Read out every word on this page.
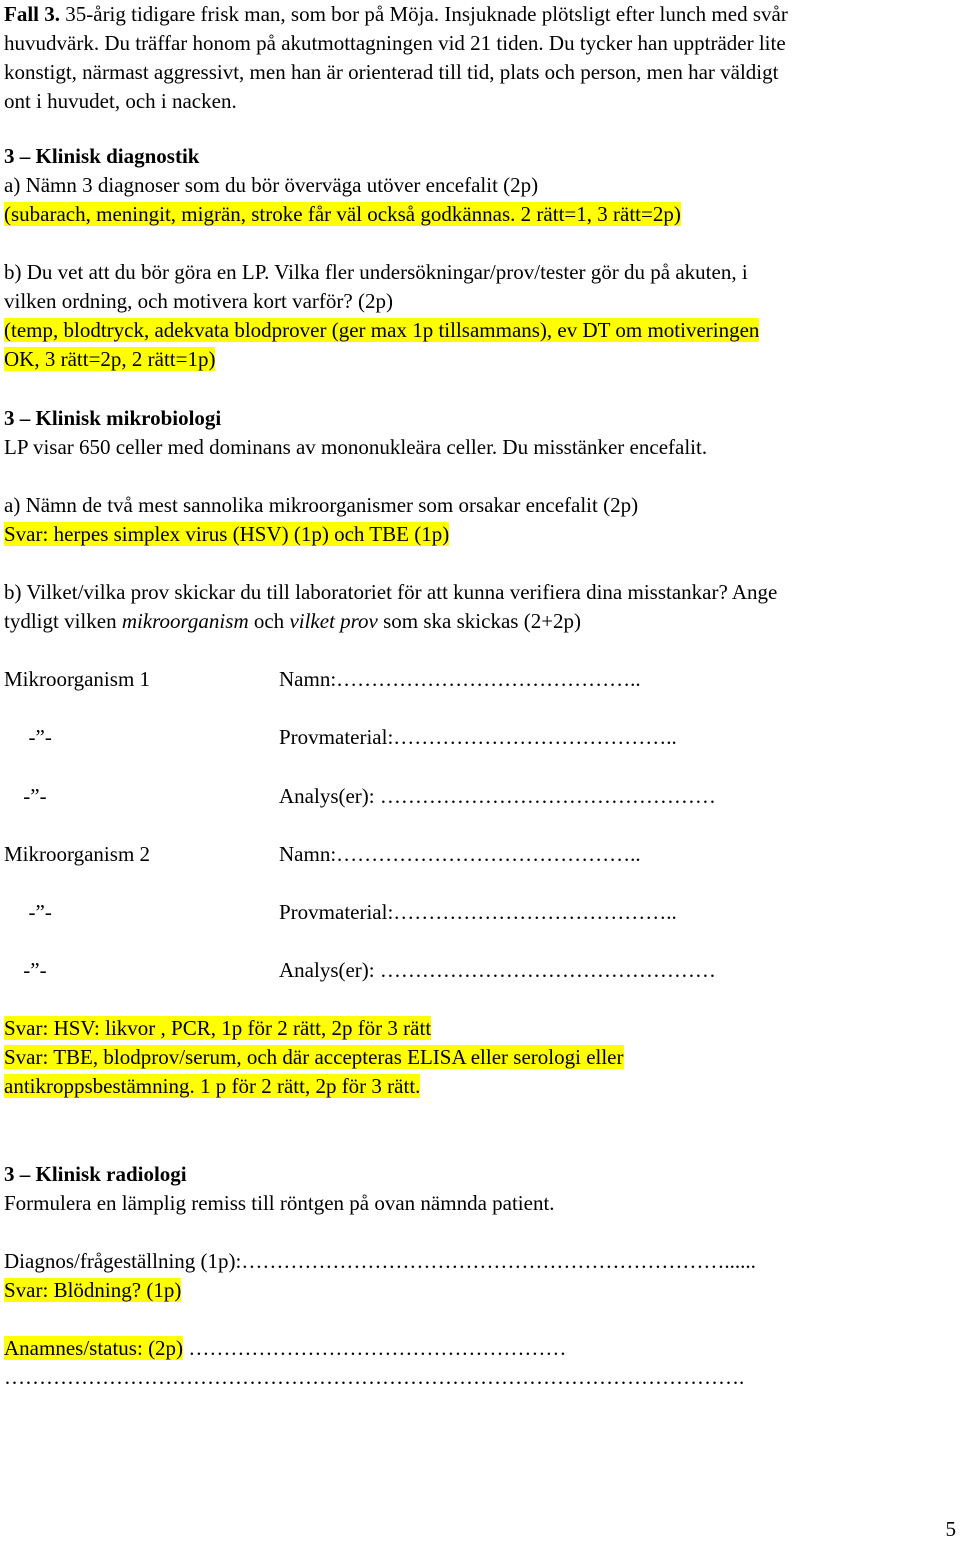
Fall 3. 35-årig tidigare frisk man, som bor på Möja. Insjuknade plötsligt efter lunch med svår
huvudvärk. Du träffar honom på akutmottagningen vid 21 tiden. Du tycker han uppträder lite
konstigt, närmast aggressivt, men han är orienterad till tid, plats och person, men har väldigt
ont i huvudet, och i nacken.
3 – Klinisk diagnostik
a) Nämn 3 diagnoser som du bör överväga utöver encefalit (2p)
(subarach, meningit, migrän, stroke får väl också godkännas. 2 rätt=1, 3 rätt=2p)
b) Du vet att du bör göra en LP. Vilka fler undersökningar/prov/tester gör du på akuten, i
vilken ordning, och motivera kort varför? (2p)
(temp, blodtryck, adekvata blodprover (ger max 1p tillsammans), ev DT om motiveringen
OK, 3 rätt=2p, 2 rätt=1p)
3 – Klinisk mikrobiologi
LP visar 650 celler med dominans av mononukleära celler. Du misstänker encefalit.
a) Nämn de två mest sannolika mikroorganismer som orsakar encefalit (2p)
Svar: herpes simplex virus (HSV) (1p) och TBE (1p)
b) Vilket/vilka prov skickar du till laboratoriet för att kunna verifiera dina misstankar? Ange
tydligt vilken mikroorganism och vilket prov som ska skickas (2+2p)
Mikroorganism 1	Namn:……………………………………..
-”-	Provmaterial:…………………………………..
-”-	Analys(er): …………………………………………
Mikroorganism 2	Namn:……………………………………..
-”-	Provmaterial:…………………………………..
-”-	Analys(er): …………………………………………
Svar: HSV: likvor , PCR, 1p för 2 rätt, 2p för 3 rätt
Svar: TBE, blodprov/serum, och där accepteras ELISA eller serologi eller
antikroppsbestämning. 1 p för 2 rätt, 2p för 3 rätt.
3 – Klinisk radiologi
Formulera en lämplig remiss till röntgen på ovan nämnda patient.
Diagnos/frågeställning (1p):……………………………………………………………......
Svar: Blödning? (1p)
Anamnes/status: (2p) ………………………………………………
…………………………………………………………………………………………….
5
